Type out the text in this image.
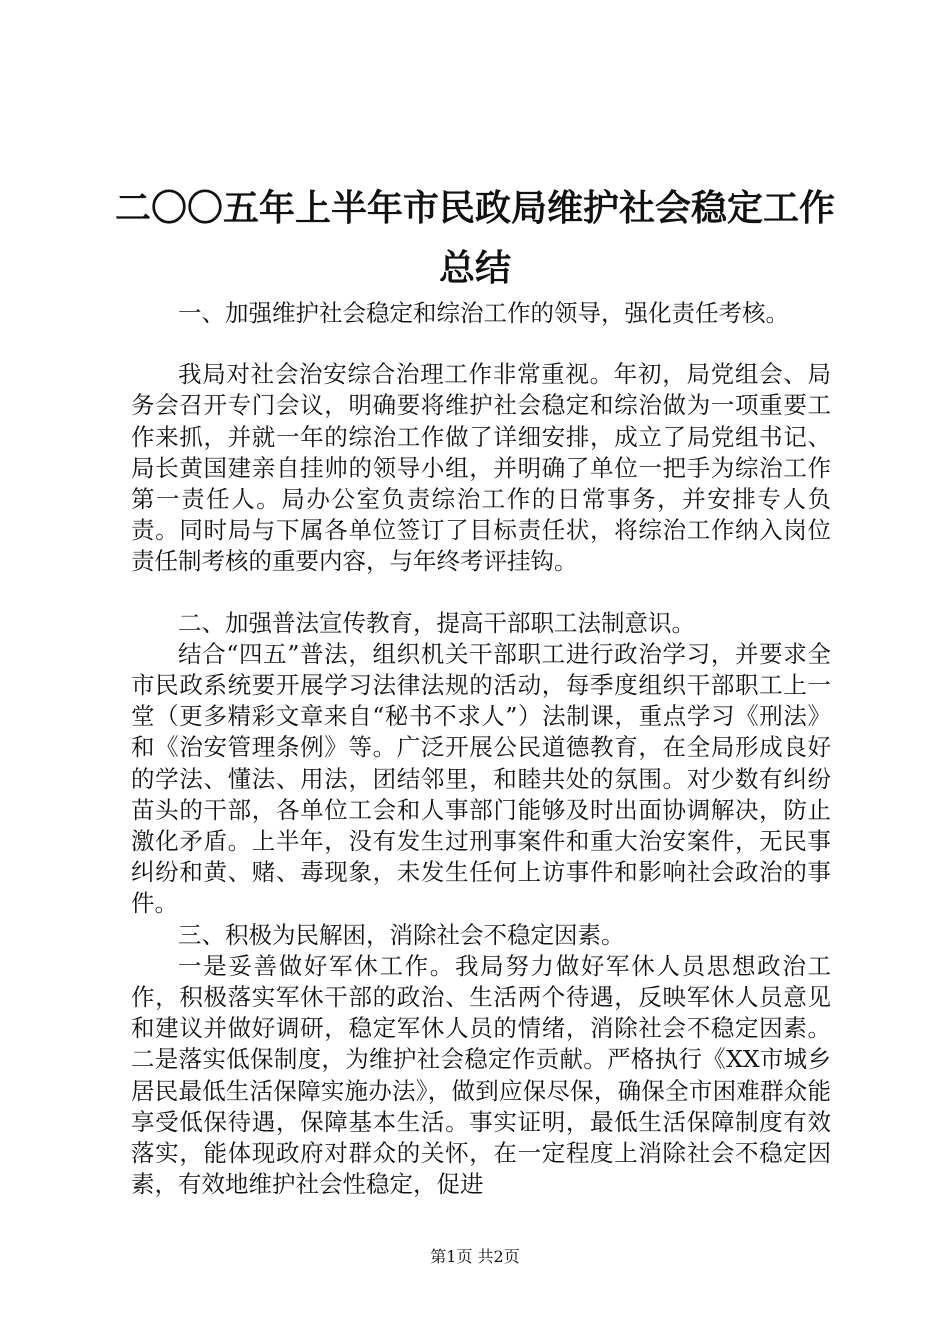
二〇〇五年上半年市民政局维护社会稳定工作
总结

一、加强维护社会稳定和综治工作的领导，强化责任考核。

我局对社会治安综合治理工作非常重视。年初，局党组会、局务会召开专门会议，明确要将维护社会稳定和综治做为一项重要工作来抓，并就一年的综治工作做了详细安排，成立了局党组书记、局长黄国建亲自挂帅的领导小组，并明确了单位一把手为综治工作第一责任人。局办公室负责综治工作的日常事务，并安排专人负责。同时局与下属各单位签订了目标责任状，将综治工作纳入岗位责任制考核的重要内容，与年终考评挂钩。

二、加强普法宣传教育，提高干部职工法制意识。

结合“四五”普法，组织机关干部职工进行政治学习，并要求全市民政系统要开展学习法律法规的活动，每季度组织干部职工上一堂（更多精彩文章来自“秘书不求人”）法制课，重点学习《刑法》和《治安管理条例》等。广泛开展公民道德教育，在全局形成良好的学法、懂法、用法，团结邻里，和睦共处的氛围。对少数有纠纷苗头的干部，各单位工会和人事部门能够及时出面协调解决，防止激化矛盾。上半年，没有发生过刑事案件和重大治安案件，无民事纠纷和黄、赌、毒现象，未发生任何上访事件和影响社会政治的事件。

三、积极为民解困，消除社会不稳定因素。

一是妥善做好军休工作。我局努力做好军休人员思想政治工作，积极落实军休干部的政治、生活两个待遇，反映军休人员意见和建议并做好调研，稳定军休人员的情绪，消除社会不稳定因素。二是落实低保制度，为维护社会稳定作贡献。严格执行《XX市城乡居民最低生活保障实施办法》，做到应保尽保，确保全市困难群众能享受低保待遇，保障基本生活。事实证明，最低生活保障制度有效落实，能体现政府对群众的关怀，在一定程度上消除社会不稳定因素，有效地维护社会性稳定，促进

第1页 共2页
